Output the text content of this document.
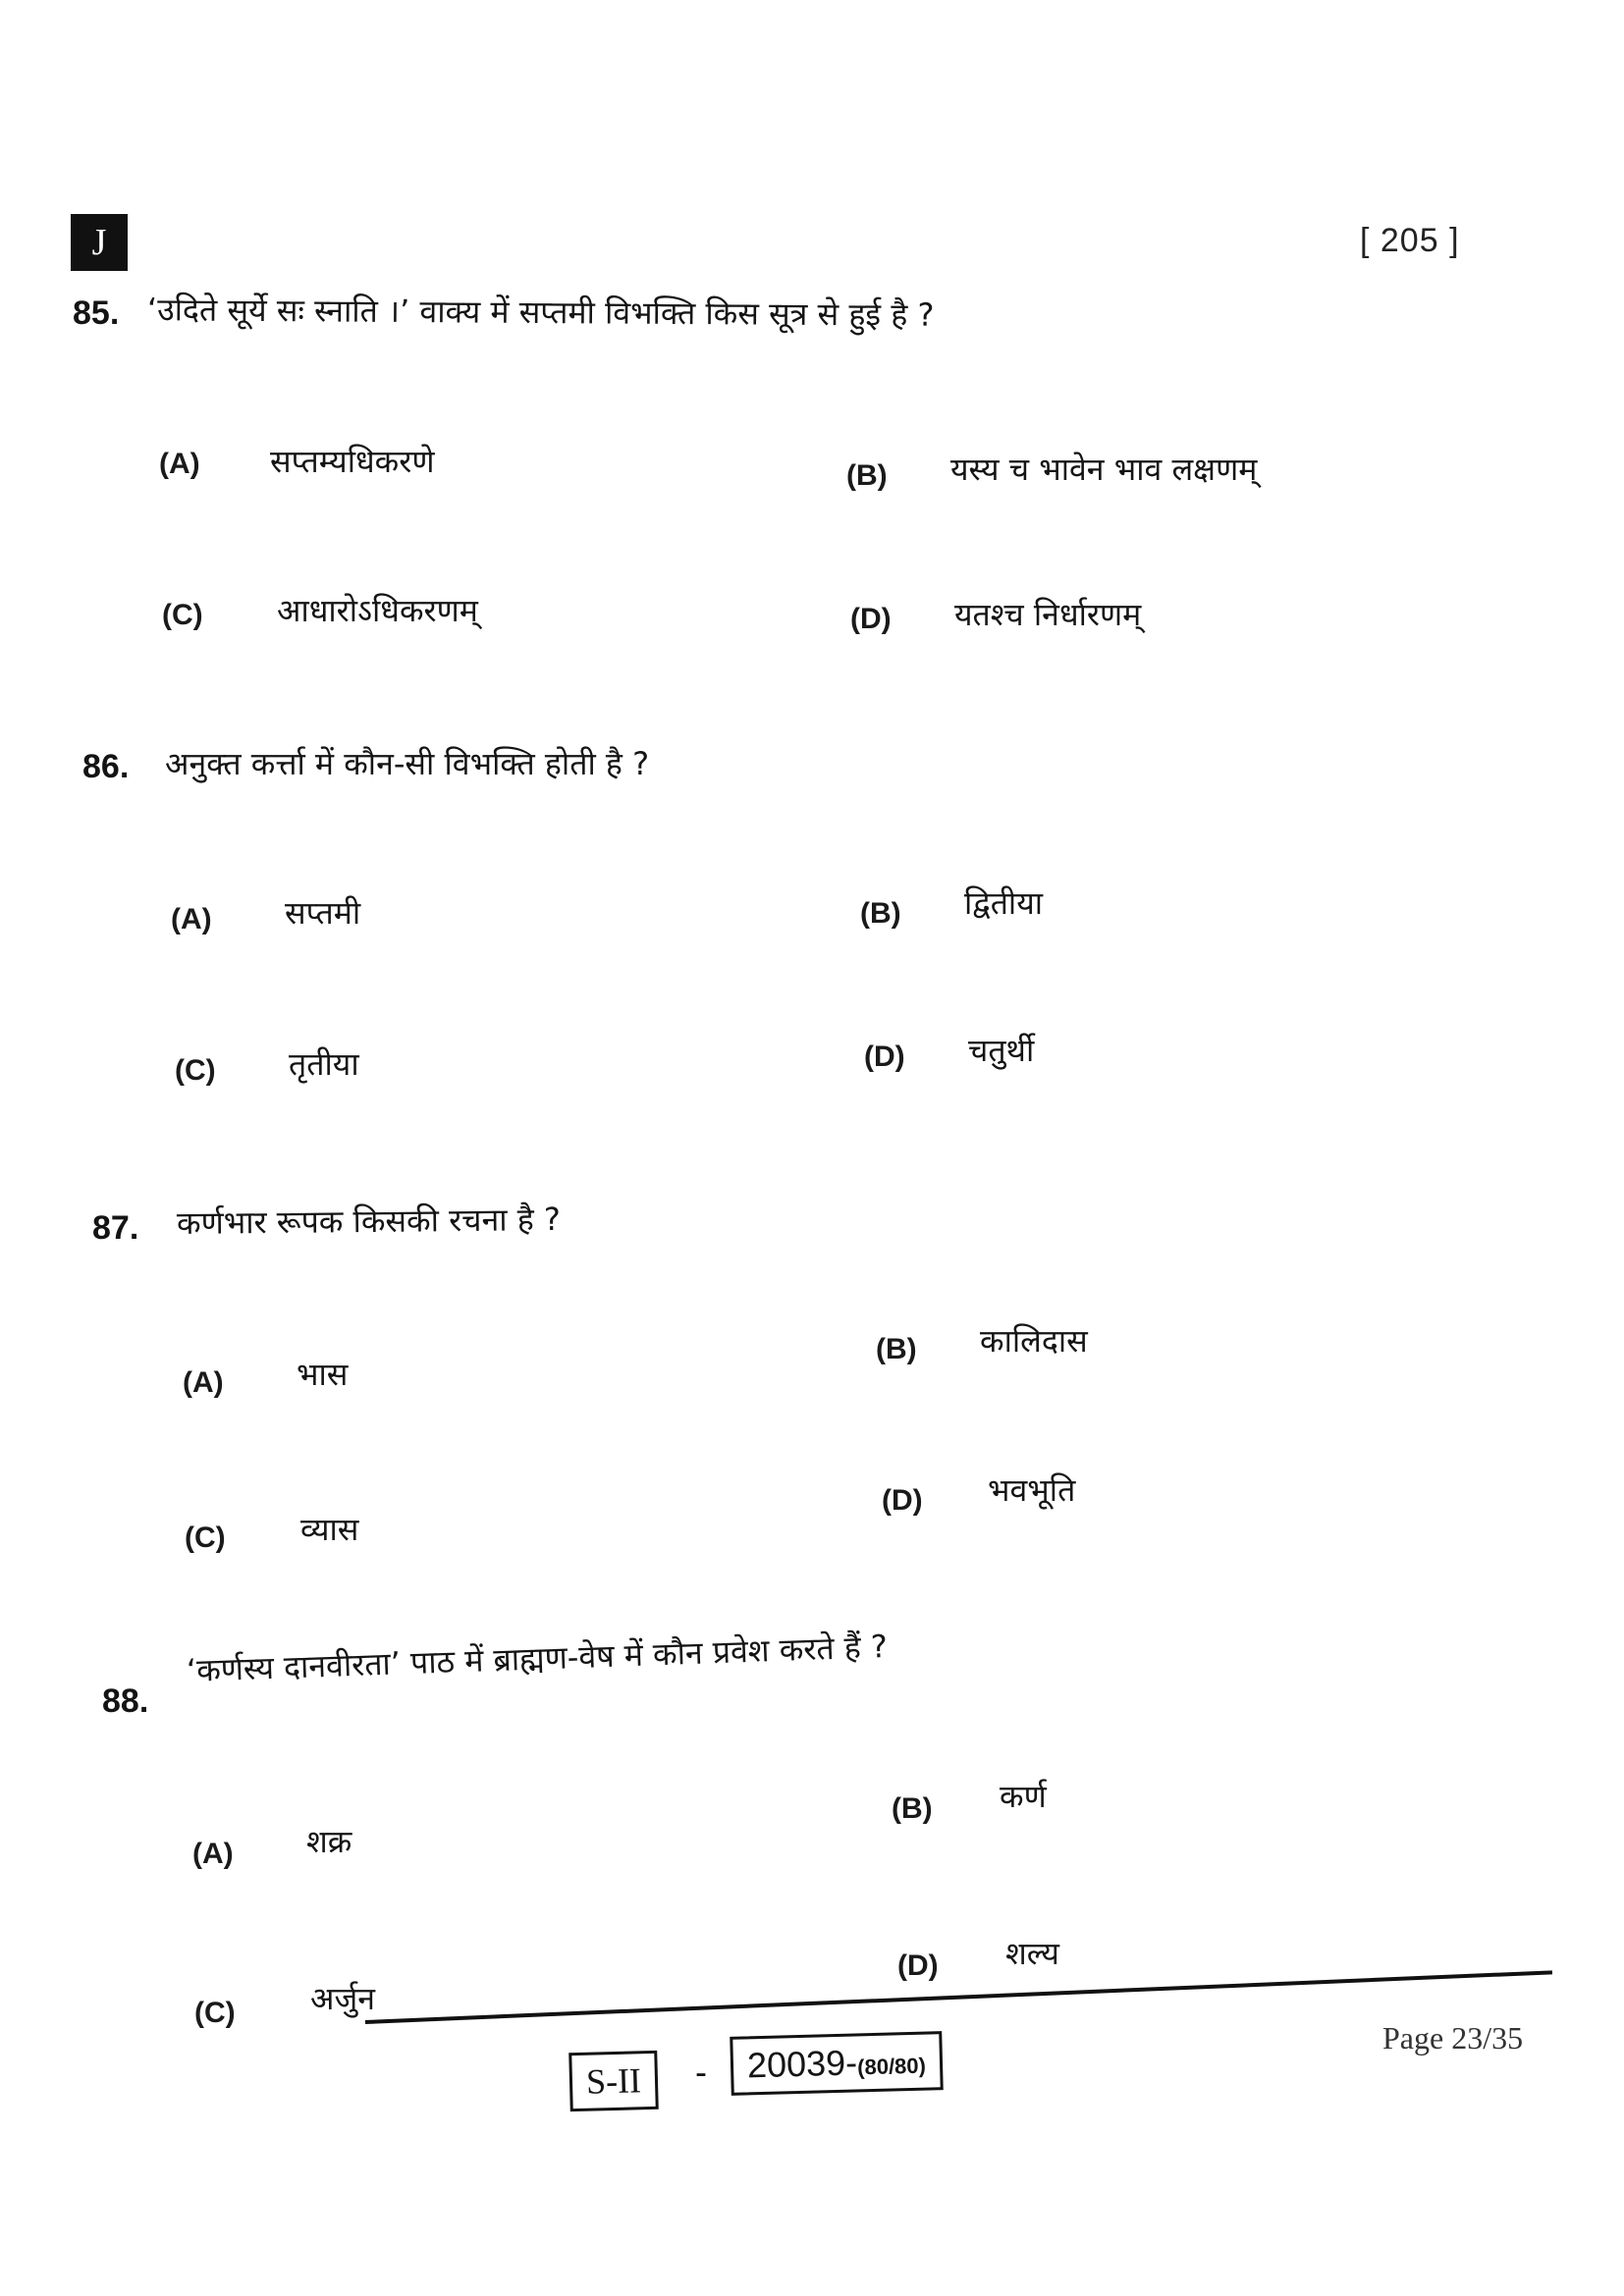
J	[ 205 ]
85. ‘उदिते सूर्ये सः स्नाति ।’ वाक्य में सप्तमी विभक्ति किस सूत्र से हुई है ?
(A) सप्तम्यधिकरणे	(B) यस्य च भावेन भाव लक्षणम्
(C) आधारोऽधिकरणम्	(D) यतश्च निर्धारणम्
86. अनुक्त कर्त्ता में कौन-सी विभक्ति होती है ?
(A) सप्तमी	(B) द्वितीया
(C) तृतीया	(D) चतुर्थी
87. कर्णभार रूपक किसकी रचना है ?
(A) भास
(B) कालिदास
(C) व्यास
(D) भवभूति
88.
‘कर्णस्य दानवीरता’ पाठ में ब्राह्मण-वेष में कौन प्रवेश करते हैं ?
(A) शक्र
(B) कर्ण
(C) अर्जुन
(D) शल्य
S-II	-	20039-(80/80)
Page 23/35
